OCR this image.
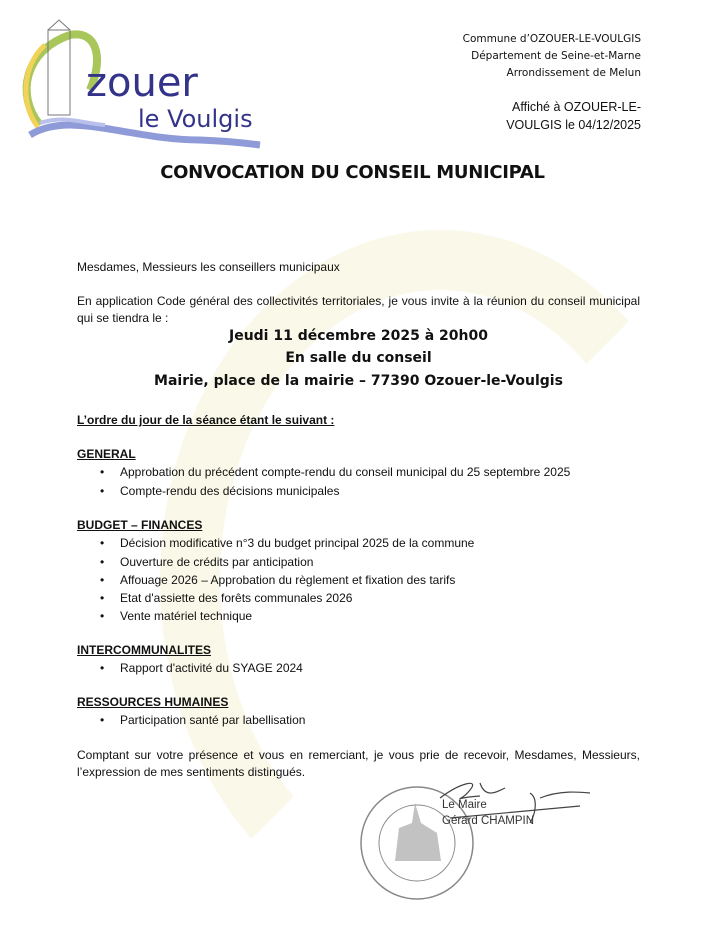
zouer
le Voulgis
Commune d’OZOUER-LE-VOULGIS
Département de Seine-et-Marne
Arrondissement de Melun
Affiché à OZOUER-LE-
VOULGIS le 04/12/2025
CONVOCATION DU CONSEIL MUNICIPAL
Mesdames, Messieurs les conseillers municipaux
En application Code général des collectivités territoriales, je vous invite à la réunion du conseil municipal qui se tiendra le :
Jeudi 11 décembre 2025 à 20h00
En salle du conseil
Mairie, place de la mairie – 77390 Ozouer-le-Voulgis
L’ordre du jour de la séance étant le suivant :
GENERAL
• Approbation du précédent compte-rendu du conseil municipal du 25 septembre 2025
• Compte-rendu des décisions municipales
BUDGET – FINANCES
• Décision modificative n°3 du budget principal 2025 de la commune
• Ouverture de crédits par anticipation
• Affouage 2026 – Approbation du règlement et fixation des tarifs
• Etat d'assiette des forêts communales 2026
• Vente matériel technique
INTERCOMMUNALITES
• Rapport d'activité du SYAGE 2024
RESSOURCES HUMAINES
• Participation santé par labellisation
Comptant sur votre présence et vous en remerciant, je vous prie de recevoir, Mesdames, Messieurs, l’expression de mes sentiments distingués.
Le Maire
Gérard CHAMPIN
